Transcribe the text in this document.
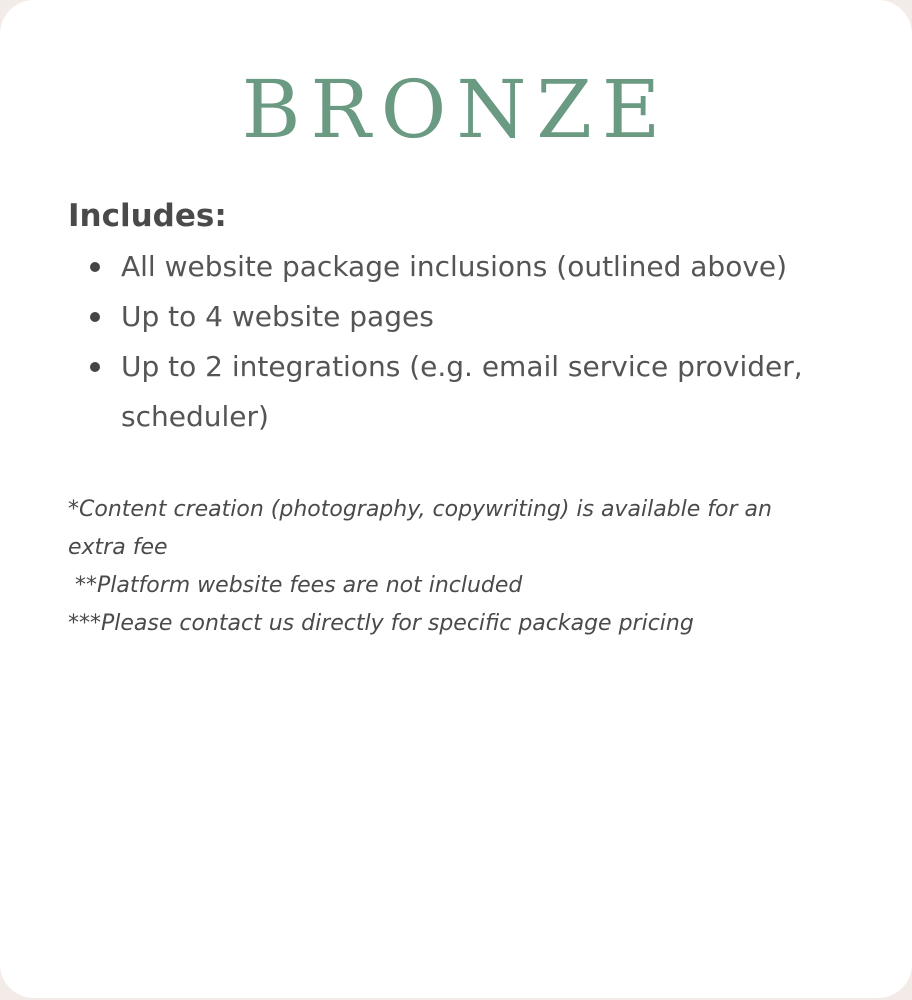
BRONZE
Includes:
All website package inclusions (outlined above)
Up to 4 website pages
Up to 2 integrations (e.g. email service provider, scheduler)
*Content creation (photography, copywriting) is available for an extra fee
**Platform website fees are not included
***Please contact us directly for specific package pricing
